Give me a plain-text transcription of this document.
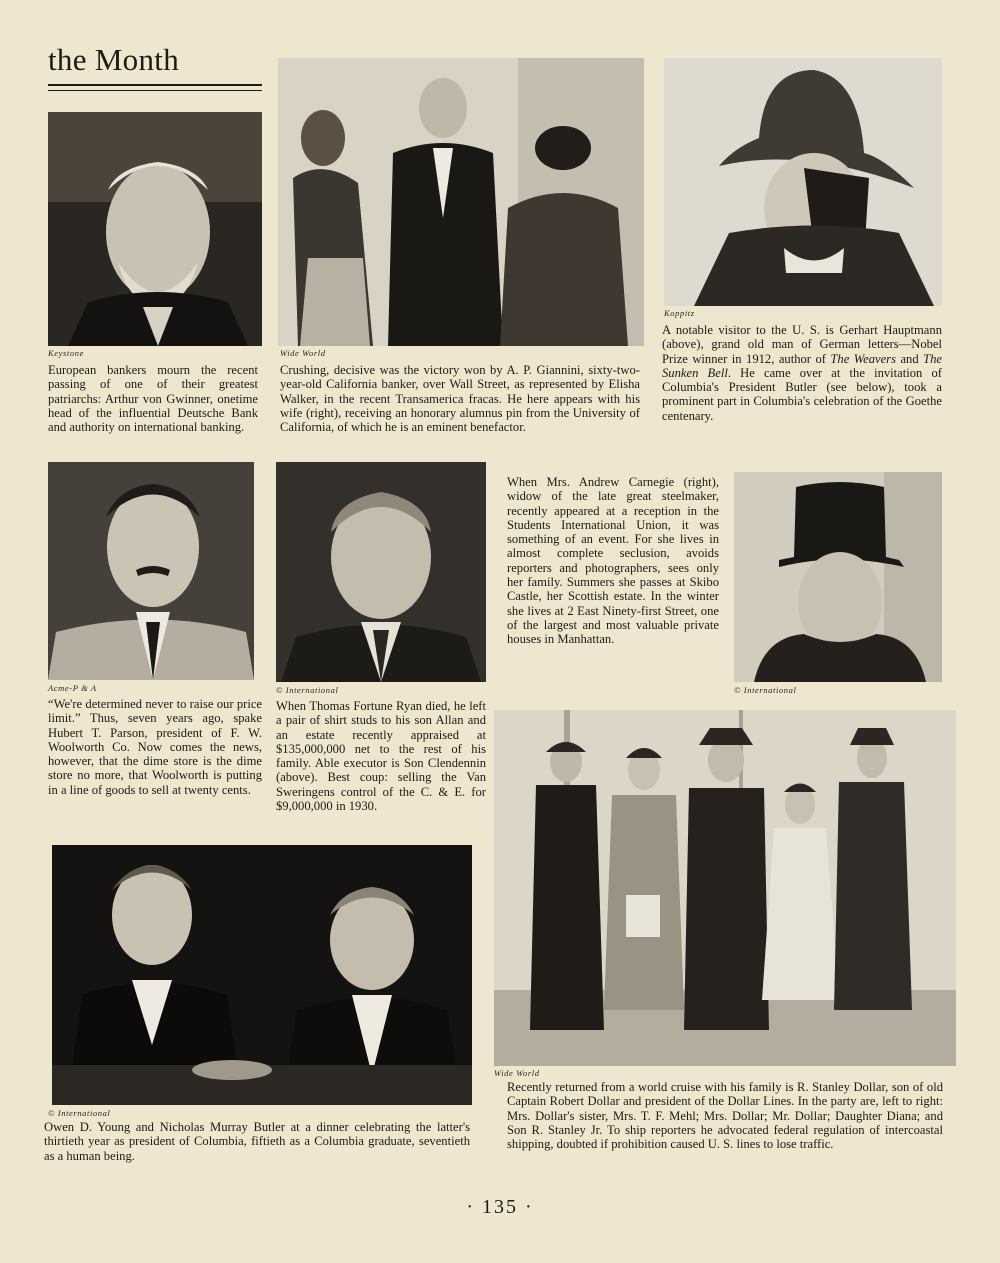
the Month
Keystone

European bankers mourn the recent passing of one of their greatest patriarchs: Arthur von Gwinner, onetime head of the influential Deutsche Bank and authority on international banking.

Wide World

Crushing, decisive was the victory won by A. P. Giannini, sixty-two-year-old California banker, over Wall Street, as represented by Elisha Walker, in the recent Transamerica fracas. He here appears with his wife (right), receiving an honorary alumnus pin from the University of California, of which he is an eminent benefactor.

Koppitz

A notable visitor to the U. S. is Gerhart Hauptmann (above), grand old man of German letters—Nobel Prize winner in 1912, author of The Weavers and The Sunken Bell. He came over at the invitation of Columbia's President Butler (see below), took a prominent part in Columbia's celebration of the Goethe centenary.

Acme-P & A

“We're determined never to raise our price limit.” Thus, seven years ago, spake Hubert T. Parson, president of F. W. Woolworth Co. Now comes the news, however, that the dime store is the dime store no more, that Woolworth is putting in a line of goods to sell at twenty cents.

© International

When Thomas Fortune Ryan died, he left a pair of shirt studs to his son Allan and an estate recently appraised at $135,000,000 net to the rest of his family. Able executor is Son Clendennin (above). Best coup: selling the Van Sweringens control of the C. & E. for $9,000,000 in 1930.

When Mrs. Andrew Carnegie (right), widow of the late great steelmaker, recently appeared at a reception in the Students International Union, it was something of an event. For she lives in almost complete seclusion, avoids reporters and photographers, sees only her family. Summers she passes at Skibo Castle, her Scottish estate. In the winter she lives at 2 East Ninety-first Street, one of the largest and most valuable private houses in Manhattan.

© International
Wide World

Recently returned from a world cruise with his family is R. Stanley Dollar, son of old Captain Robert Dollar and president of the Dollar Lines. In the party are, left to right: Mrs. Dollar's sister, Mrs. T. F. Mehl; Mrs. Dollar; Mr. Dollar; Daughter Diana; and Son R. Stanley Jr. To ship reporters he advocated federal regulation of intercoastal shipping, doubted if prohibition caused U. S. lines to lose traffic.

© International

Owen D. Young and Nicholas Murray Butler at a dinner celebrating the latter's thirtieth year as president of Columbia, fiftieth as a Columbia graduate, seventieth as a human being.

· 135 ·
